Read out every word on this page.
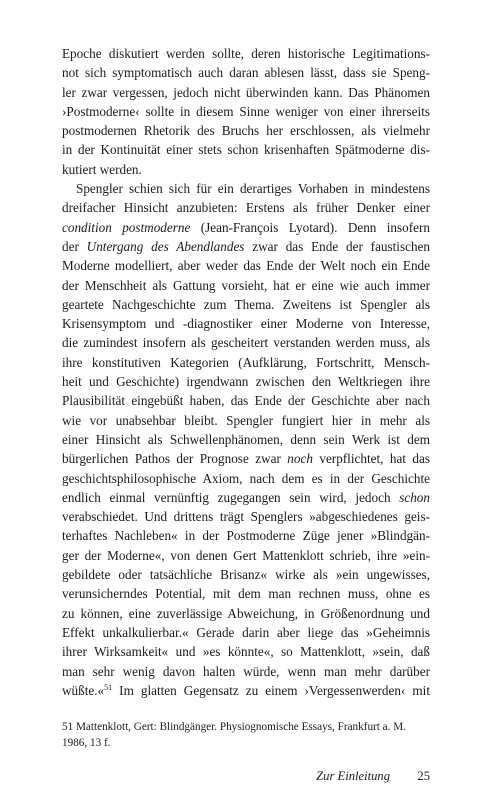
Epoche diskutiert werden sollte, deren historische Legitimations-
not sich symptomatisch auch daran ablesen lässt, dass sie Speng-
ler zwar vergessen, jedoch nicht überwinden kann. Das Phänomen
›Postmoderne‹ sollte in diesem Sinne weniger von einer ihrerseits
postmodernen Rhetorik des Bruchs her erschlossen, als vielmehr
in der Kontinuität einer stets schon krisenhaften Spätmoderne dis-
kutiert werden.
Spengler schien sich für ein derartiges Vorhaben in mindestens
dreifacher Hinsicht anzubieten: Erstens als früher Denker einer
condition postmoderne (Jean-François Lyotard). Denn insofern
der Untergang des Abendlandes zwar das Ende der faustischen
Moderne modelliert, aber weder das Ende der Welt noch ein Ende
der Menschheit als Gattung vorsieht, hat er eine wie auch immer
geartete Nachgeschichte zum Thema. Zweitens ist Spengler als
Krisensymptom und -diagnostiker einer Moderne von Interesse,
die zumindest insofern als gescheitert verstanden werden muss, als
ihre konstitutiven Kategorien (Aufklärung, Fortschritt, Mensch-
heit und Geschichte) irgendwann zwischen den Weltkriegen ihre
Plausibilität eingebüßt haben, das Ende der Geschichte aber nach
wie vor unabsehbar bleibt. Spengler fungiert hier in mehr als
einer Hinsicht als Schwellenphänomen, denn sein Werk ist dem
bürgerlichen Pathos der Prognose zwar noch verpflichtet, hat das
geschichtsphilosophische Axiom, nach dem es in der Geschichte
endlich einmal vernünftig zugegangen sein wird, jedoch schon
verabschiedet. Und drittens trägt Spenglers »abgeschiedenes geis-
terhaftes Nachleben« in der Postmoderne Züge jener »Blindgän-
ger der Moderne«, von denen Gert Mattenklott schrieb, ihre »ein-
gebildete oder tatsächliche Brisanz« wirke als »ein ungewisses,
verunsicherndes Potential, mit dem man rechnen muss, ohne es
zu können, eine zuverlässige Abweichung, in Größenordnung und
Effekt unkalkulierbar.« Gerade darin aber liege das »Geheimnis
ihrer Wirksamkeit« und »es könnte«, so Mattenklott, »sein, daß
man sehr wenig davon halten würde, wenn man mehr darüber
wüßte.«$^{51}$ Im glatten Gegensatz zu einem ›Vergessenwerden‹ mit
51 Mattenklott, Gert: Blindgänger. Physiognomische Essays, Frankfurt a. M.
1986, 13 f.
Zur Einleitung 25
